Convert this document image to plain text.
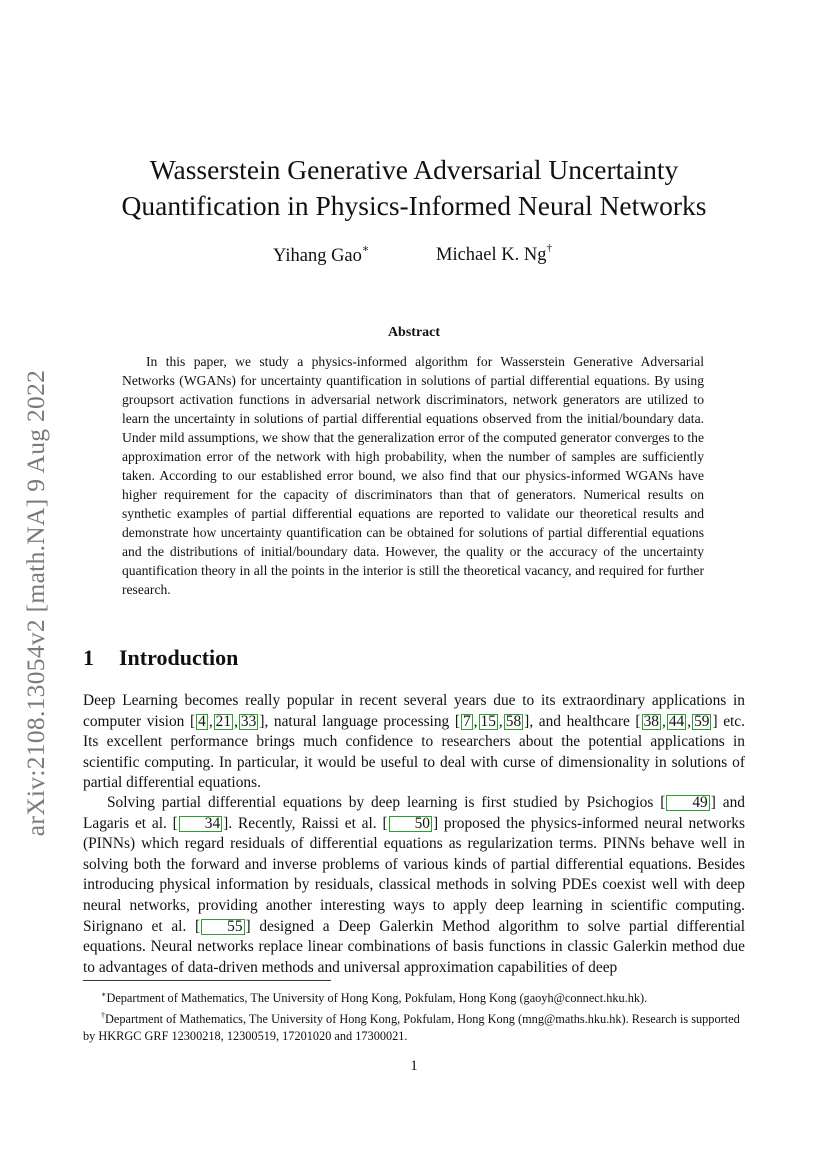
arXiv:2108.13054v2 [math.NA] 9 Aug 2022
Wasserstein Generative Adversarial Uncertainty
Quantification in Physics-Informed Neural Networks
Yihang Gao∗	Michael K. Ng†
Abstract

In this paper, we study a physics-informed algorithm for Wasserstein Generative Adversarial Networks (WGANs) for uncertainty quantification in solutions of partial differential equations. By using groupsort activation functions in adversarial network discriminators, network generators are utilized to learn the uncertainty in solutions of partial differential equations observed from the initial/boundary data. Under mild assumptions, we show that the generalization error of the computed generator converges to the approximation error of the network with high probability, when the number of samples are sufficiently taken. According to our established error bound, we also find that our physics-informed WGANs have higher requirement for the capacity of discriminators than that of generators. Numerical results on synthetic examples of partial differential equations are reported to validate our theoretical results and demonstrate how uncertainty quantification can be obtained for solutions of partial differential equations and the distributions of initial/boundary data. However, the quality or the accuracy of the uncertainty quantification theory in all the points in the interior is still the theoretical vacancy, and required for further research.

1 Introduction

Deep Learning becomes really popular in recent several years due to its extraordinary applications in computer vision [ 4 , 21 , 33 ], natural language processing [ 7 , 15 , 58 ], and healthcare [ 38 , 44 , 59 ] etc. Its excellent performance brings much confidence to researchers about the potential applications in scientific computing. In particular, it would be useful to deal with curse of dimensionality in solutions of partial differential equations.

Solving partial differential equations by deep learning is first studied by Psichogios [ 49 ] and Lagaris et al. [ 34 ]. Recently, Raissi et al. [ 50 ] proposed the physics-informed neural networks (PINNs) which regard residuals of differential equations as regularization terms. PINNs behave well in solving both the forward and inverse problems of various kinds of partial differential equations. Besides introducing physical information by residuals, classical methods in solving PDEs coexist well with deep neural networks, providing another interesting ways to apply deep learning in scientific computing. Sirignano et al. [ 55 ] designed a Deep Galerkin Method algorithm to solve partial differential equations. Neural networks replace linear combinations of basis functions in classic Galerkin method due to advantages of data-driven methods and universal approximation capabilities of deep

∗Department of Mathematics, The University of Hong Kong, Pokfulam, Hong Kong (gaoyh@connect.hku.hk).

†Department of Mathematics, The University of Hong Kong, Pokfulam, Hong Kong (mng@maths.hku.hk). Research is supported by HKRGC GRF 12300218, 12300519, 17201020 and 17300021.

1
